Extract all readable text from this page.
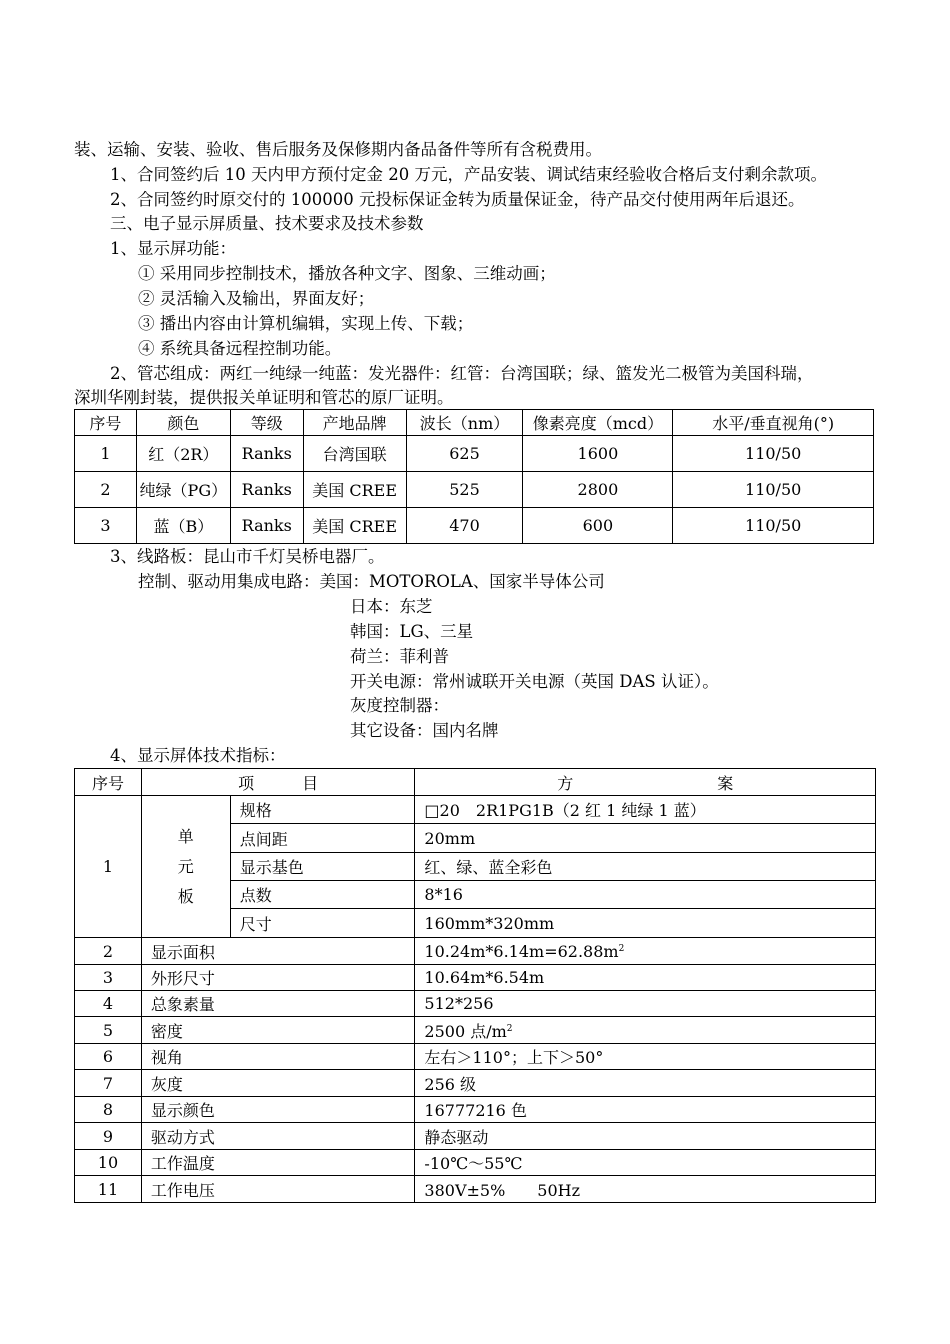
装、运输、安装、验收、售后服务及保修期内备品备件等所有含税费用。
1、合同签约后 10 天内甲方预付定金 20 万元，产品安装、调试结束经验收合格后支付剩余款项。
2、合同签约时原交付的 100000 元投标保证金转为质量保证金，待产品交付使用两年后退还。
三、电子显示屏质量、技术要求及技术参数
1、显示屏功能：
① 采用同步控制技术，播放各种文字、图象、三维动画；
② 灵活输入及输出，界面友好；
③ 播出内容由计算机编辑，实现上传、下载；
④ 系统具备远程控制功能。
2、管芯组成：两红一纯绿一纯蓝：发光器件：红管：台湾国联；绿、篮发光二极管为美国科瑞，
深圳华刚封装，提供报关单证明和管芯的原厂证明。
序号	颜色	等级	产地品牌	波长（nm）	像素亮度（mcd）	水平/垂直视角(°)
1	红（2R）	Ranks	台湾国联	625	1600	110/50
2	纯绿（PG）	Ranks	美国 CREE	525	2800	110/50
3	蓝（B）	Ranks	美国 CREE	470	600	110/50
3、线路板：昆山市千灯吴桥电器厂。
控制、驱动用集成电路：美国：MOTOROLA、国家半导体公司
日本：东芝
韩国：LG、三星
荷兰：菲利普
开关电源：常州诚联开关电源（英国 DAS 认证）。
灰度控制器：
其它设备：国内名牌
4、显示屏体技术指标：
序号	项　　　目		方　　　　　　　　　案
1	单
元
板	规格	□20　2R1PG1B（2 红 1 纯绿 1 蓝）
		点间距	20mm
		显示基色	红、绿、蓝全彩色
		点数	8*16
		尺寸	160mm*320mm
2	显示面积		$10.24m*6.14m=62.88m^2$
3	外形尺寸		10.64m*6.54m
4	总象素量		512*256
5	密度		2500 点$/m^2$
6	视角		左右＞110°；上下＞50°
7	灰度		256 级
8	显示颜色		16777216 色
9	驱动方式		静态驱动
10	工作温度		-10℃～55℃
11	工作电压		380V±5%　　50Hz
